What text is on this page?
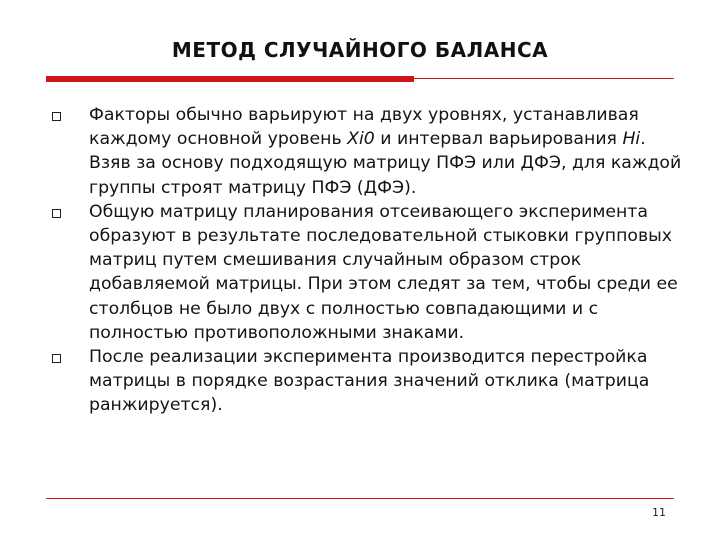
МЕТОД СЛУЧАЙНОГО БАЛАНСА
Факторы обычно варьируют на двух уровнях, устанавливая каждому основной уровень Xi0 и интервал варьирования Hi. Взяв за основу подходящую матрицу ПФЭ или ДФЭ, для каждой группы строят матрицу ПФЭ (ДФЭ).
Общую матрицу планирования отсеивающего эксперимента образуют в результате последовательной стыковки групповых матриц путем смешивания случайным образом строк добавляемой матрицы. При этом следят за тем, чтобы среди ее столбцов не было двух с полностью совпадающими и с полностью противоположными знаками.
После реализации эксперимента производится перестройка матрицы в порядке возрастания значений отклика (матрица ранжируется).
11
